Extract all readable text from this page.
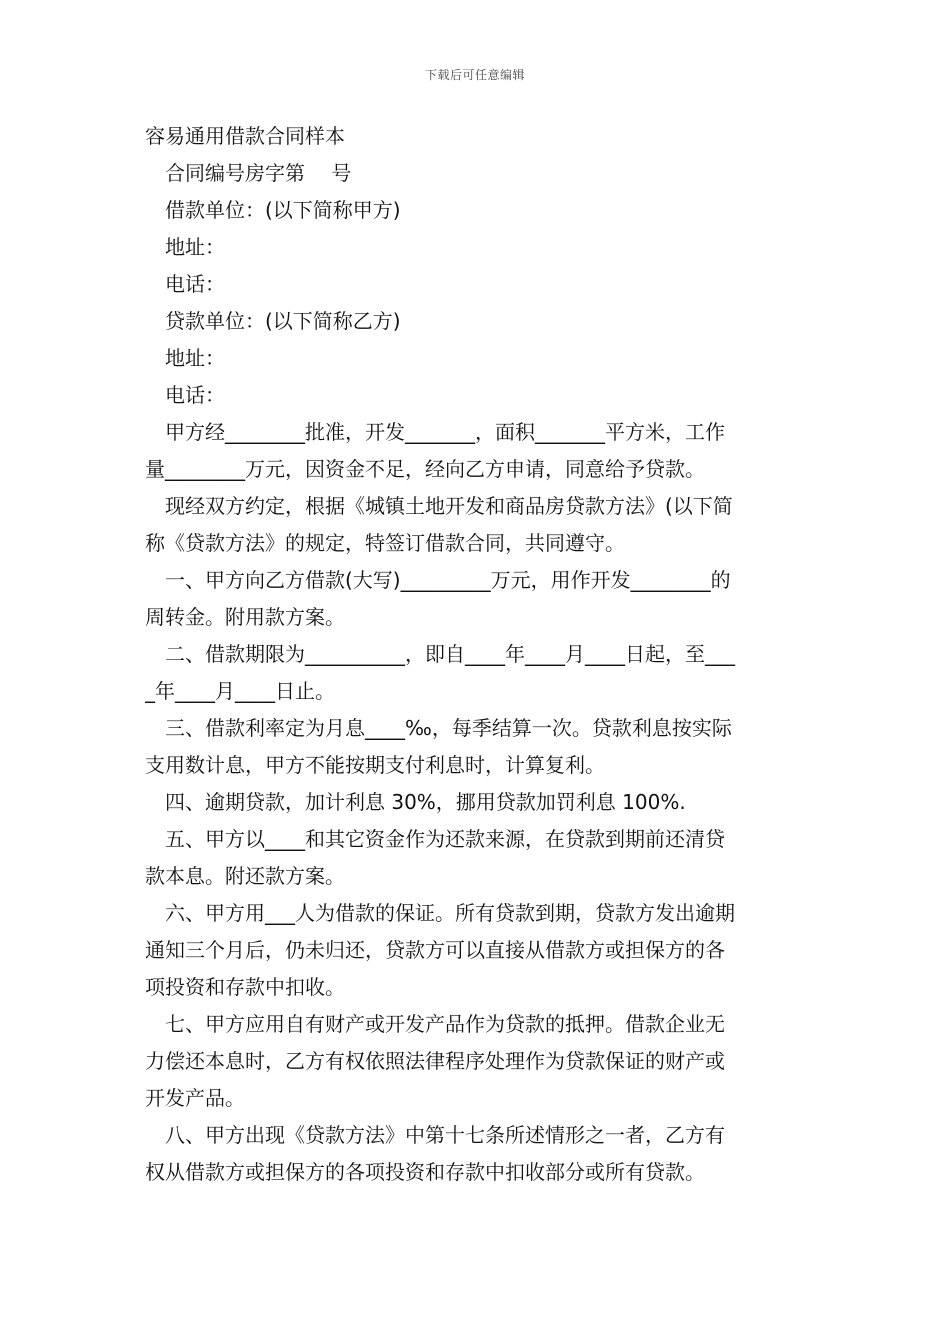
下载后可任意编辑
容易通用借款合同样本
合同编号房字第　 号
借款单位：(以下简称甲方)
地址：
电话：
贷款单位：(以下简称乙方)
地址：
电话：
　甲方经________批准，开发_______，面积_______平方米，工作
量________万元，因资金不足，经向乙方申请，同意给予贷款。
　现经双方约定，根据《城镇土地开发和商品房贷款方法》(以下简
称《贷款方法》的规定，特签订借款合同，共同遵守。
　一、甲方向乙方借款(大写)_________万元，用作开发________的
周转金。附用款方案。
　二、借款期限为__________，即自____年____月____日起，至___
_年____月____日止。
　三、借款利率定为月息____‰，每季结算一次。贷款利息按实际
支用数计息，甲方不能按期支付利息时，计算复利。
　四、逾期贷款，加计利息 30%，挪用贷款加罚利息 100%.
　五、甲方以____和其它资金作为还款来源，在贷款到期前还清贷
款本息。附还款方案。
　六、甲方用___人为借款的保证。所有贷款到期，贷款方发出逾期
通知三个月后，仍未归还，贷款方可以直接从借款方或担保方的各
项投资和存款中扣收。
　七、甲方应用自有财产或开发产品作为贷款的抵押。借款企业无
力偿还本息时，乙方有权依照法律程序处理作为贷款保证的财产或
开发产品。
　八、甲方出现《贷款方法》中第十七条所述情形之一者，乙方有
权从借款方或担保方的各项投资和存款中扣收部分或所有贷款。
